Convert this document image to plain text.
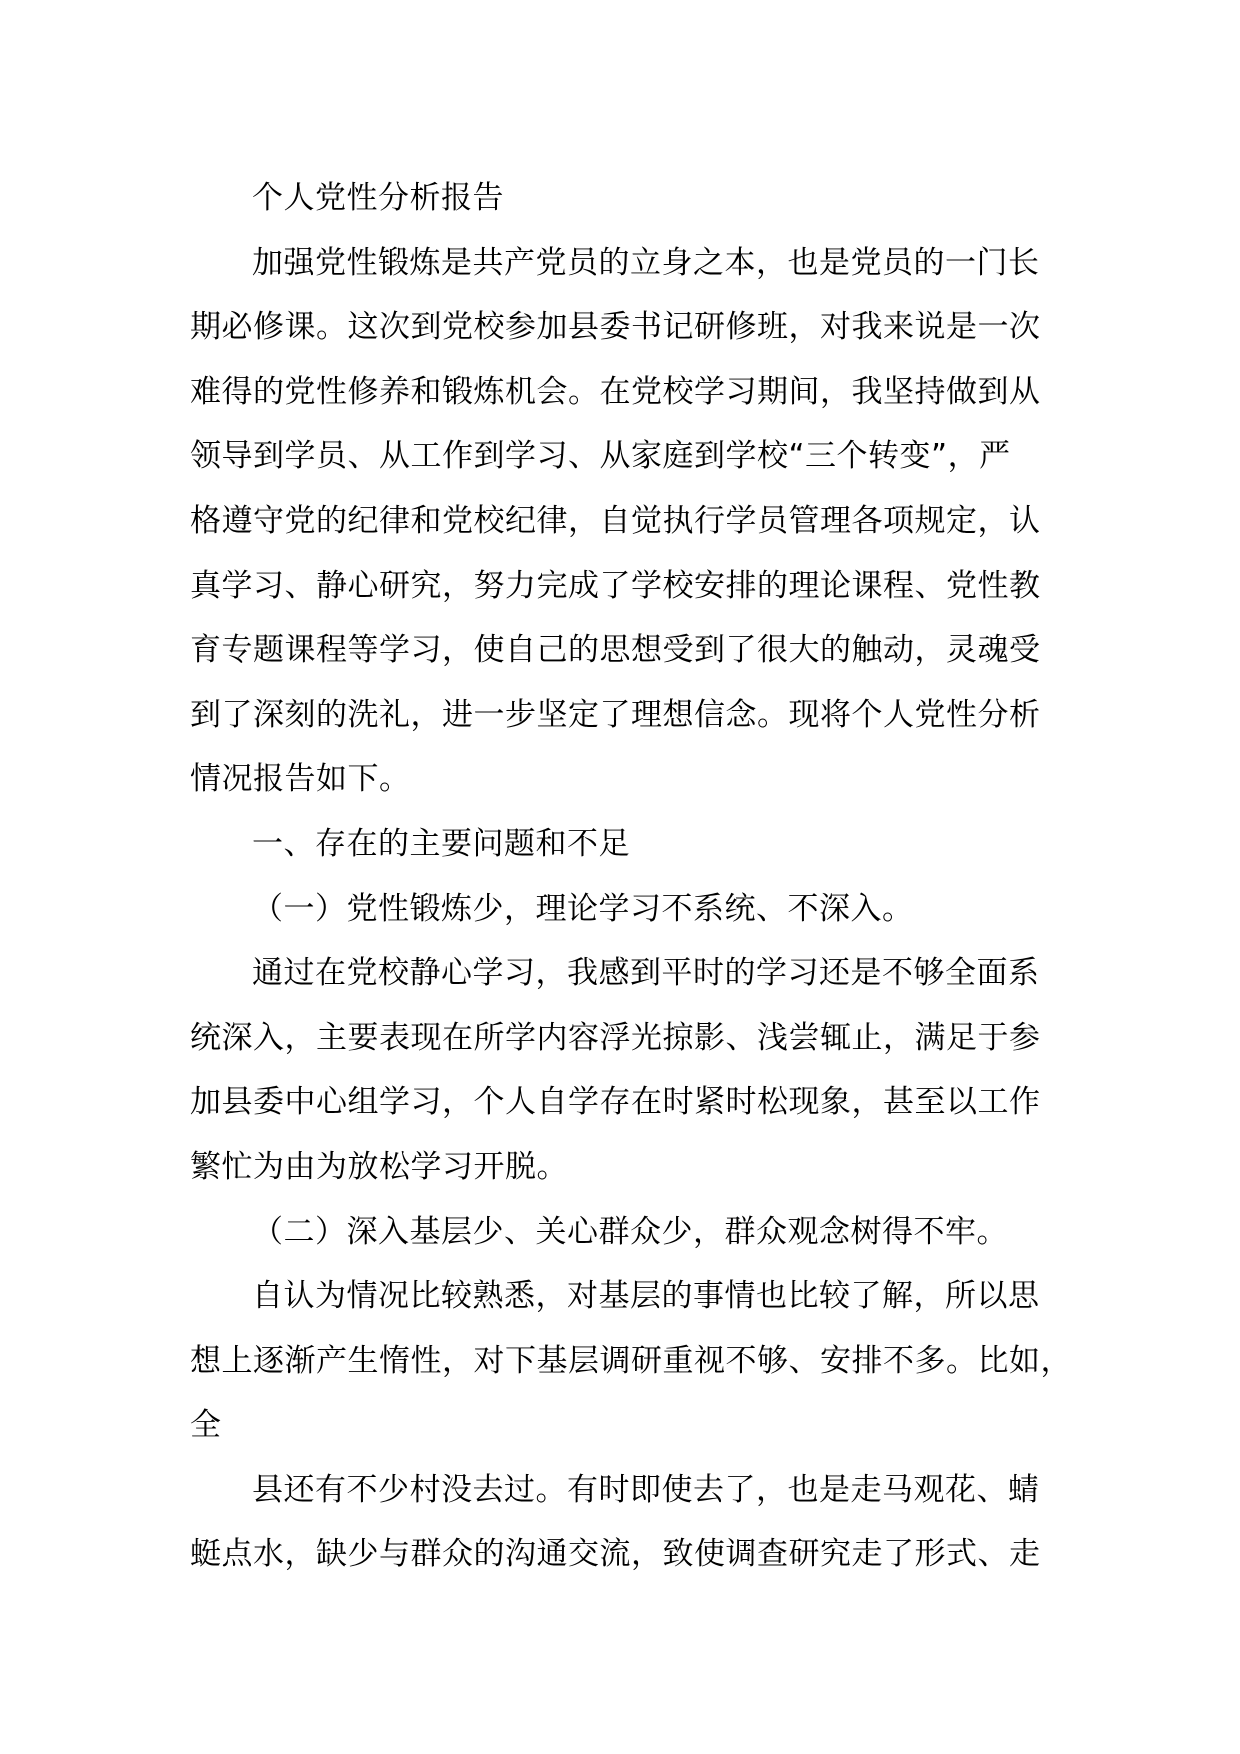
个人党性分析报告
加强党性锻炼是共产党员的立身之本，也是党员的一门长
期必修课。这次到党校参加县委书记研修班，对我来说是一次
难得的党性修养和锻炼机会。在党校学习期间，我坚持做到从
领导到学员、从工作到学习、从家庭到学校“三个转变”，严
格遵守党的纪律和党校纪律，自觉执行学员管理各项规定，认
真学习、静心研究，努力完成了学校安排的理论课程、党性教
育专题课程等学习，使自己的思想受到了很大的触动，灵魂受
到了深刻的洗礼，进一步坚定了理想信念。现将个人党性分析
情况报告如下。
一、存在的主要问题和不足
（一）党性锻炼少，理论学习不系统、不深入。
通过在党校静心学习，我感到平时的学习还是不够全面系
统深入，主要表现在所学内容浮光掠影、浅尝辄止，满足于参
加县委中心组学习，个人自学存在时紧时松现象，甚至以工作
繁忙为由为放松学习开脱。
（二）深入基层少、关心群众少，群众观念树得不牢。
自认为情况比较熟悉，对基层的事情也比较了解，所以思
想上逐渐产生惰性，对下基层调研重视不够、安排不多。比如，
全
县还有不少村没去过。有时即使去了，也是走马观花、蜻
蜓点水，缺少与群众的沟通交流，致使调查研究走了形式、走
